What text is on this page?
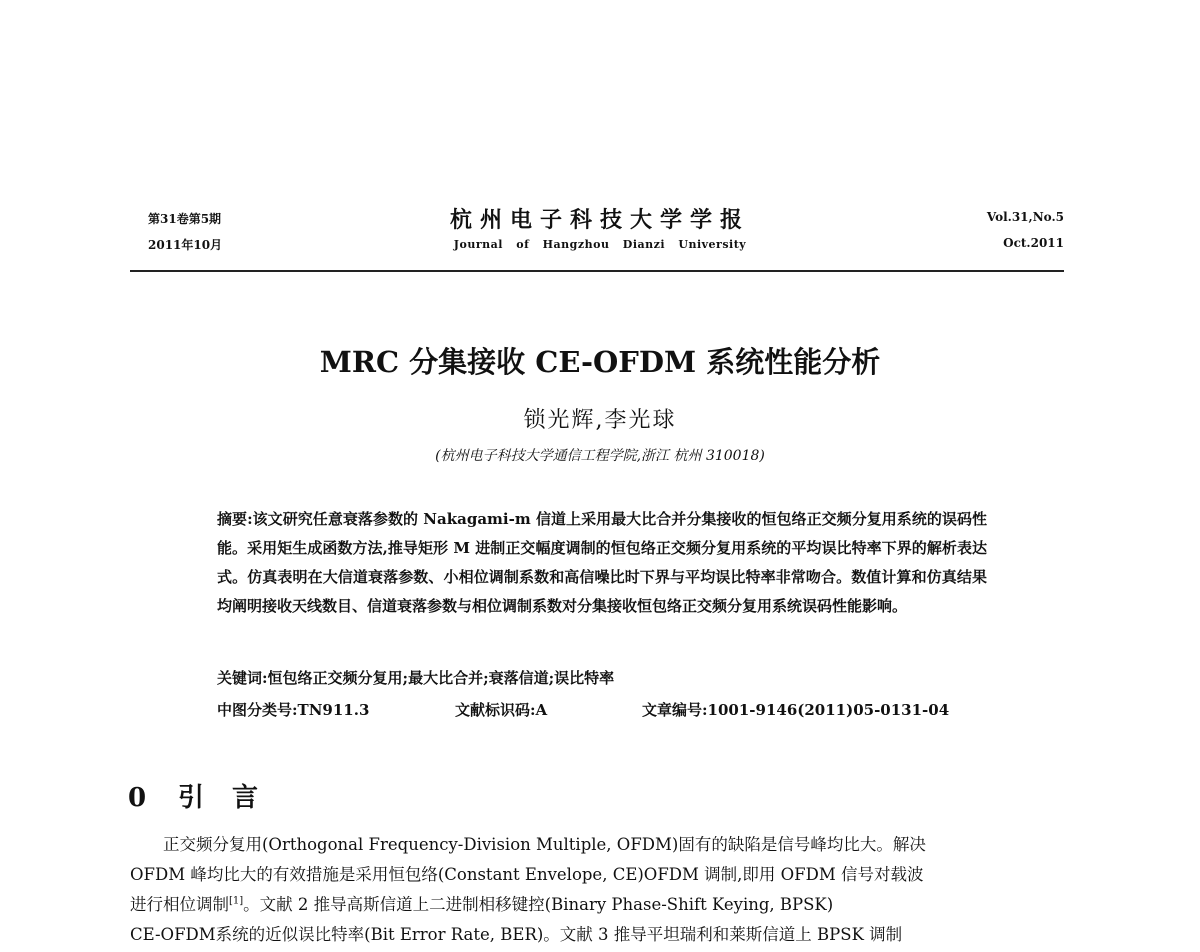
第31卷第5期
2011年10月
杭州电子科技大学学报
Journal of Hangzhou Dianzi University
Vol.31,No.5
Oct.2011
MRC 分集接收 CE-OFDM 系统性能分析
锁光辉,李光球
(杭州电子科技大学通信工程学院,浙江 杭州 310018)
摘要:该文研究任意衰落参数的 Nakagami-m 信道上采用最大比合并分集接收的恒包络正交频分复用系统的误码性能。采用矩生成函数方法,推导矩形 M 进制正交幅度调制的恒包络正交频分复用系统的平均误比特率下界的解析表达式。仿真表明在大信道衰落参数、小相位调制系数和高信噪比时下界与平均误比特率非常吻合。数值计算和仿真结果均阐明接收天线数目、信道衰落参数与相位调制系数对分集接收恒包络正交频分复用系统误码性能影响。
关键词:恒包络正交频分复用;最大比合并;衰落信道;误比特率
中图分类号:TN911.3	文献标识码:A	文章编号:1001-9146(2011)05-0131-04
0 引言
正交频分复用(Orthogonal Frequency-Division Multiple, OFDM)固有的缺陷是信号峰均比大。解决
OFDM 峰均比大的有效措施是采用恒包络(Constant Envelope, CE)OFDM 调制,即用 OFDM 信号对载波
进行相位调制[1]。文献 2 推导高斯信道上二进制相移键控(Binary Phase-Shift Keying, BPSK)
CE-OFDM系统的近似误比特率(Bit Error Rate, BER)。文献 3 推导平坦瑞利和莱斯信道上 BPSK 调制
